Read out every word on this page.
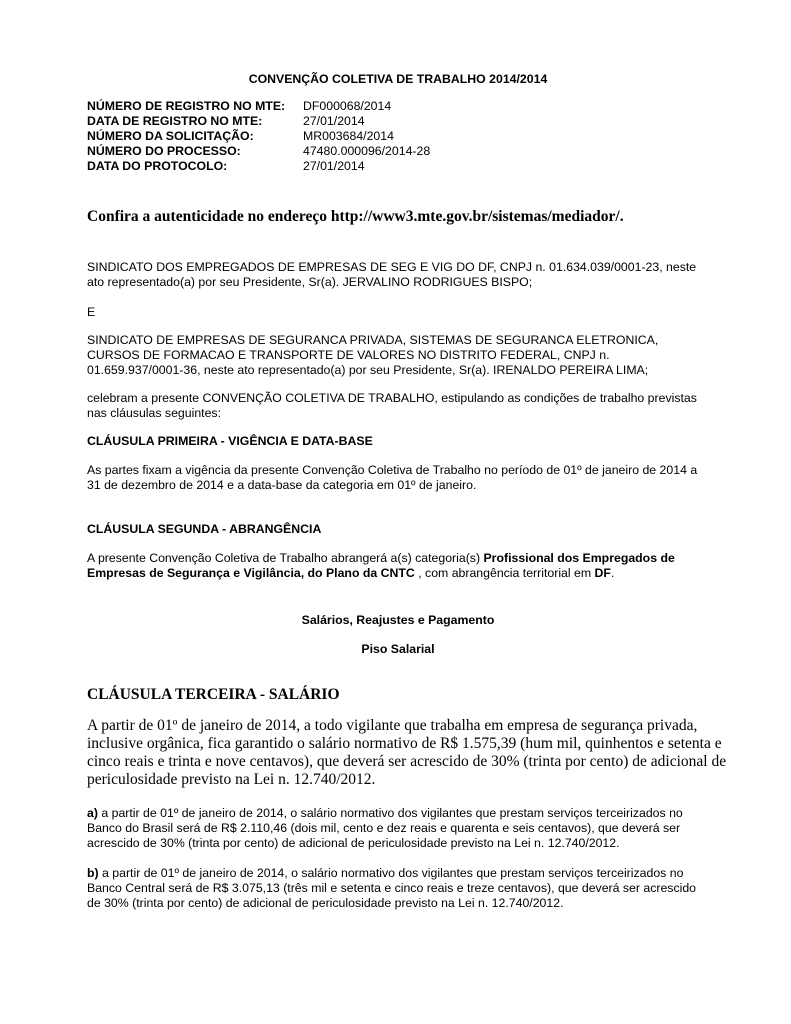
CONVENÇÃO COLETIVA DE TRABALHO 2014/2014
NÚMERO DE REGISTRO NO MTE: DF000068/2014
DATA DE REGISTRO NO MTE:	27/01/2014
NÚMERO DA SOLICITAÇÃO:	MR003684/2014
NÚMERO DO PROCESSO:	47480.000096/2014-28
DATA DO PROTOCOLO:	27/01/2014
Confira a autenticidade no endereço http://www3.mte.gov.br/sistemas/mediador/.

SINDICATO DOS EMPREGADOS DE EMPRESAS DE SEG E VIG DO DF, CNPJ n. 01.634.039/0001-23, neste ato representado(a) por seu Presidente, Sr(a). JERVALINO RODRIGUES BISPO;

E

SINDICATO DE EMPRESAS DE SEGURANCA PRIVADA, SISTEMAS DE SEGURANCA ELETRONICA, CURSOS DE FORMACAO E TRANSPORTE DE VALORES NO DISTRITO FEDERAL, CNPJ n. 01.659.937/0001-36, neste ato representado(a) por seu Presidente, Sr(a). IRENALDO PEREIRA LIMA;

celebram a presente CONVENÇÃO COLETIVA DE TRABALHO, estipulando as condições de trabalho previstas nas cláusulas seguintes:

CLÁUSULA PRIMEIRA - VIGÊNCIA E DATA-BASE

As partes fixam a vigência da presente Convenção Coletiva de Trabalho no período de 01º de janeiro de 2014 a 31 de dezembro de 2014 e a data-base da categoria em 01º de janeiro.

CLÁUSULA SEGUNDA - ABRANGÊNCIA

A presente Convenção Coletiva de Trabalho abrangerá a(s) categoria(s) Profissional dos Empregados de Empresas de Segurança e Vigilância, do Plano da CNTC , com abrangência territorial em DF.

Salários, Reajustes e Pagamento
Piso Salarial
CLÁUSULA TERCEIRA - SALÁRIO

A partir de 01º de janeiro de 2014, a todo vigilante que trabalha em empresa de segurança privada, inclusive orgânica, fica garantido o salário normativo de R$ 1.575,39 (hum mil, quinhentos e setenta e cinco reais e trinta e nove centavos), que deverá ser acrescido de 30% (trinta por cento) de adicional de periculosidade previsto na Lei n. 12.740/2012.

a) a partir de 01º de janeiro de 2014, o salário normativo dos vigilantes que prestam serviços terceirizados no Banco do Brasil será de R$ 2.110,46 (dois mil, cento e dez reais e quarenta e seis centavos), que deverá ser acrescido de 30% (trinta por cento) de adicional de periculosidade previsto na Lei n. 12.740/2012.

b) a partir de 01º de janeiro de 2014, o salário normativo dos vigilantes que prestam serviços terceirizados no Banco Central será de R$ 3.075,13 (três mil e setenta e cinco reais e treze centavos), que deverá ser acrescido de 30% (trinta por cento) de adicional de periculosidade previsto na Lei n. 12.740/2012.
